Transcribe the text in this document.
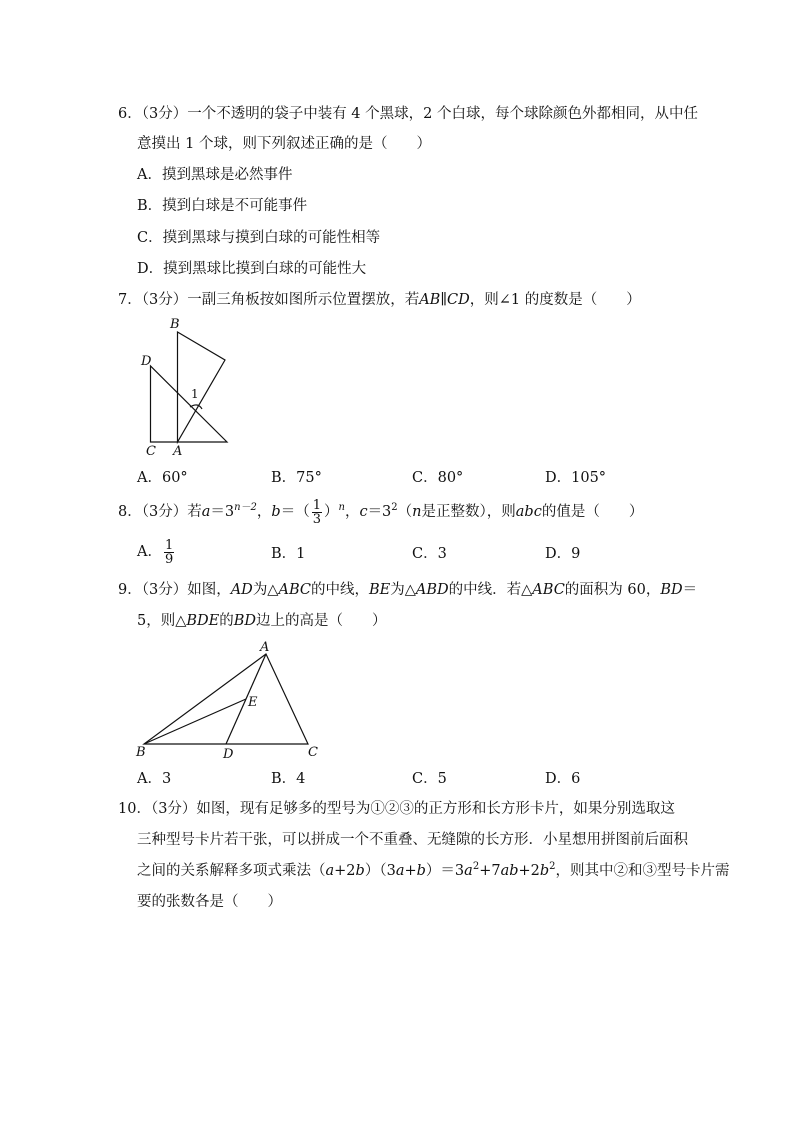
6．（3分）一个不透明的袋子中装有 4 个黑球，2 个白球，每个球除颜色外都相同，从中任
意摸出 1 个球，则下列叙述正确的是（　　）
A．摸到黑球是必然事件
B．摸到白球是不可能事件
C．摸到黑球与摸到白球的可能性相等
D．摸到黑球比摸到白球的可能性大
7．（3分）一副三角板按如图所示位置摆放，若AB∥CD，则∠1 的度数是（　　）
B
D
C A
1
A．60°	B．75°	C．80°	D．105°
8．（3分）若$a=3^{n-2}$，$b=( \frac{1}{3} )^n$，$c=3^2(n$是正整数），则abc的值是（　　）
A． $\frac{1}{9}$	B．1	C．3	D．9
9．（3分）如图，AD为△ABC的中线，BE为△ABD的中线．若△ABC的面积为 60，BD＝
5，则△BDE的BD边上的高是（　　）
A
E
B	D	C
A．3	B．4	C．5	D．6
10．（3分）如图，现有足够多的型号为①②③的正方形和长方形卡片，如果分别选取这
三种型号卡片若干张，可以拼成一个不重叠、无缝隙的长方形．小星想用拼图前后面积
之间的关系解释多项式乘法$(a+2b)(3a+b)=3a^2+7ab+2b^2$，则其中②和③型号卡片需
要的张数各是（　　）
